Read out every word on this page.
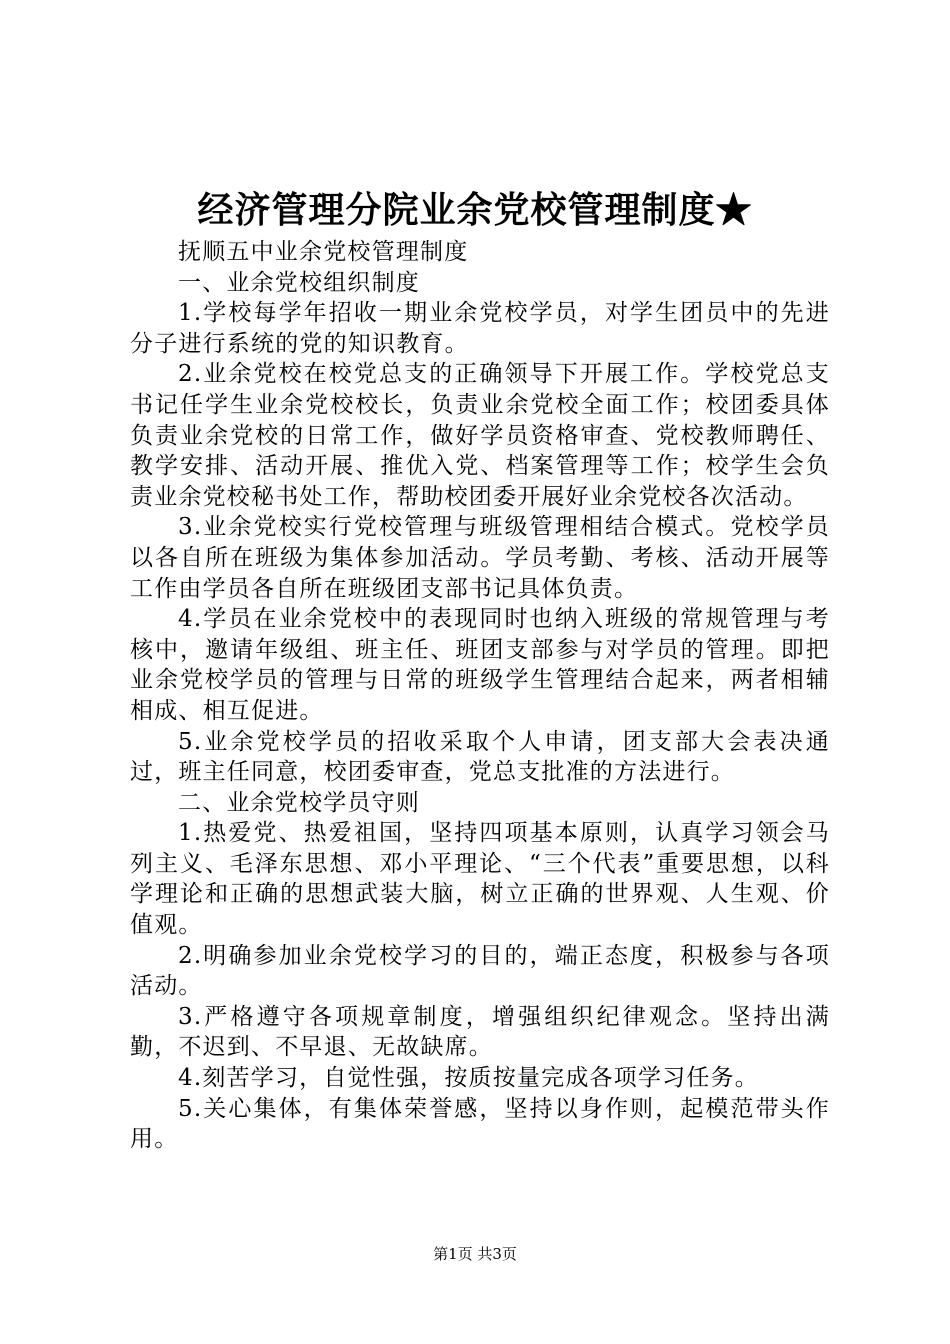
经济管理分院业余党校管理制度★

抚顺五中业余党校管理制度

一、业余党校组织制度

1.学校每学年招收一期业余党校学员，对学生团员中的先进分子进行系统的党的知识教育。

2.业余党校在校党总支的正确领导下开展工作。学校党总支书记任学生业余党校校长，负责业余党校全面工作；校团委具体负责业余党校的日常工作，做好学员资格审查、党校教师聘任、教学安排、活动开展、推优入党、档案管理等工作；校学生会负责业余党校秘书处工作，帮助校团委开展好业余党校各次活动。

3.业余党校实行党校管理与班级管理相结合模式。党校学员以各自所在班级为集体参加活动。学员考勤、考核、活动开展等工作由学员各自所在班级团支部书记具体负责。

4.学员在业余党校中的表现同时也纳入班级的常规管理与考核中，邀请年级组、班主任、班团支部参与对学员的管理。即把业余党校学员的管理与日常的班级学生管理结合起来，两者相辅相成、相互促进。

5.业余党校学员的招收采取个人申请，团支部大会表决通过，班主任同意，校团委审查，党总支批准的方法进行。

二、业余党校学员守则

1.热爱党、热爱祖国，坚持四项基本原则，认真学习领会马列主义、毛泽东思想、邓小平理论、“三个代表”重要思想，以科学理论和正确的思想武装大脑，树立正确的世界观、人生观、价值观。

2.明确参加业余党校学习的目的，端正态度，积极参与各项活动。

3.严格遵守各项规章制度，增强组织纪律观念。坚持出满勤，不迟到、不早退、无故缺席。

4.刻苦学习，自觉性强，按质按量完成各项学习任务。

5.关心集体，有集体荣誉感，坚持以身作则，起模范带头作用。

第1页 共3页
